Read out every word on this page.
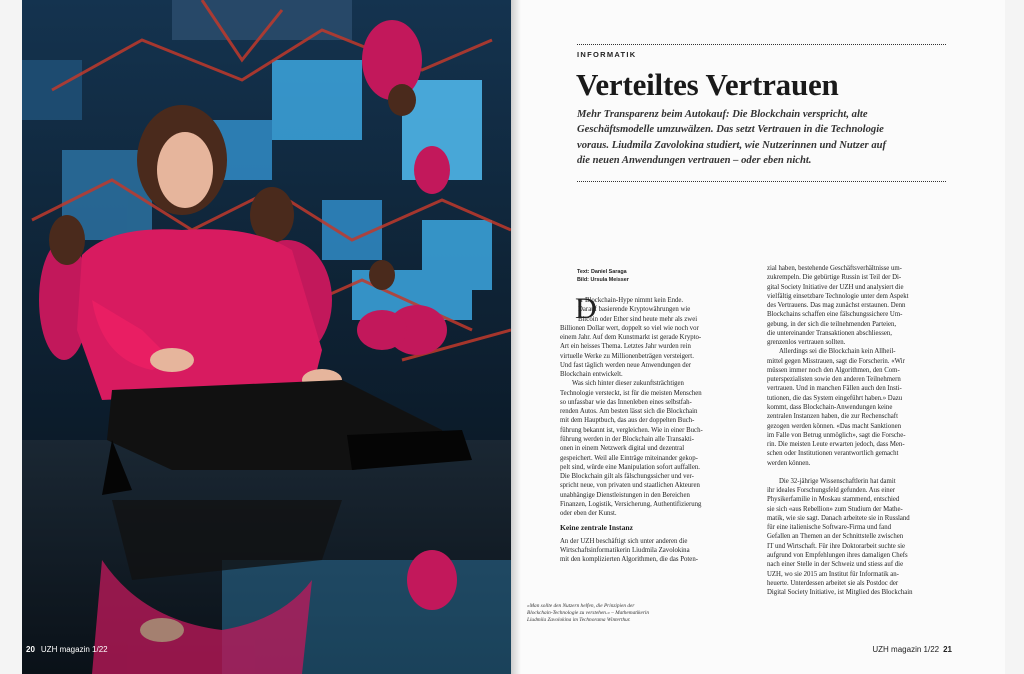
20 UZH magazin 1/22
INFORMATIK
Verteiltes Vertrauen
Mehr Transparenz beim Autokauf: Die Blockchain verspricht, alte
Geschäftsmodelle umzuwälzen. Das setzt Vertrauen in die Technologie
voraus. Liudmila Zavolokina studiert, wie Nutzerinnen und Nutzer auf
die neuen Anwendungen vertrauen – oder eben nicht.
Text: Daniel Saraga
Bild: Ursula Meisser
D
er Blockchain-Hype nimmt kein Ende.
Darauf basierende Kryptowährungen wie
Bitcoin oder Ether sind heute mehr als zwei
Billionen Dollar wert, doppelt so viel wie noch vor
einem Jahr. Auf dem Kunstmarkt ist gerade Krypto-
Art ein heisses Thema. Letztes Jahr wurden rein
virtuelle Werke zu Millionenbeträgen versteigert.
Und fast täglich werden neue Anwendungen der
Blockchain entwickelt.
Was sich hinter dieser zukunftsträchtigen
Technologie versteckt, ist für die meisten Menschen
so unfassbar wie das Innenleben eines selbstfah-
renden Autos. Am besten lässt sich die Blockchain
mit dem Hauptbuch, das aus der doppelten Buch-
führung bekannt ist, vergleichen. Wie in einer Buch-
führung werden in der Blockchain alle Transakti-
onen in einem Netzwerk digital und dezentral
gespeichert. Weil alle Einträge miteinander gekop-
pelt sind, würde eine Manipulation sofort auffallen.
Die Blockchain gilt als fälschungssicher und ver-
spricht neue, von privaten und staatlichen Akteuren
unabhängige Dienstleistungen in den Bereichen
Finanzen, Logistik, Versicherung, Authentifizierung
oder eben der Kunst.
Keine zentrale Instanz
An der UZH beschäftigt sich unter anderen die
Wirtschaftsinformatikerin Liudmila Zavolokina
mit den komplizierten Algorithmen, die das Poten-
zial haben, bestehende Geschäftsverhältnisse um-
zukrempeln. Die gebürtige Russin ist Teil der Di-
gital Society Initiative der UZH und analysiert die
vielfältig einsetzbare Technologie unter dem Aspekt
des Vertrauens. Das mag zunächst erstaunen. Denn
Blockchains schaffen eine fälschungssichere Um-
gebung, in der sich die teilnehmenden Parteien,
die untereinander Transaktionen abschliessen,
grenzenlos vertrauen sollten.
Allerdings sei die Blockchain kein Allheil-
mittel gegen Misstrauen, sagt die Forscherin. «Wir
müssen immer noch den Algorithmen, den Com-
puterspezialisten sowie den anderen Teilnehmern
vertrauen. Und in manchen Fällen auch den Insti-
tutionen, die das System eingeführt haben.» Dazu
kommt, dass Blockchain-Anwendungen keine
zentralen Instanzen haben, die zur Rechenschaft
gezogen werden können. «Das macht Sanktionen
im Falle von Betrug unmöglich», sagt die Forsche-
rin. Die meisten Leute erwarten jedoch, dass Men-
schen oder Institutionen verantwortlich gemacht
werden können.
Die 32-jährige Wissenschaftlerin hat damit
ihr ideales Forschungsfeld gefunden. Aus einer
Physikerfamilie in Moskau stammend, entschied
sie sich «aus Rebellion» zum Studium der Mathe-
matik, wie sie sagt. Danach arbeitete sie in Russland
für eine italienische Software-Firma und fand
Gefallen an Themen an der Schnittstelle zwischen
IT und Wirtschaft. Für ihre Doktorarbeit suchte sie
aufgrund von Empfehlungen ihres damaligen Chefs
nach einer Stelle in der Schweiz und stiess auf die
UZH, wo sie 2015 am Institut für Informatik an-
heuerte. Unterdessen arbeitet sie als Postdoc der
Digital Society Initiative, ist Mitglied des Blockchain
«Man sollte den Nutzern helfen, die Prinzipien der
Blockchain-Technologie zu verstehen.» – Mathematikerin
Liudmila Zavolokina im Technorama Winterthur.
UZH magazin 1/22 21
